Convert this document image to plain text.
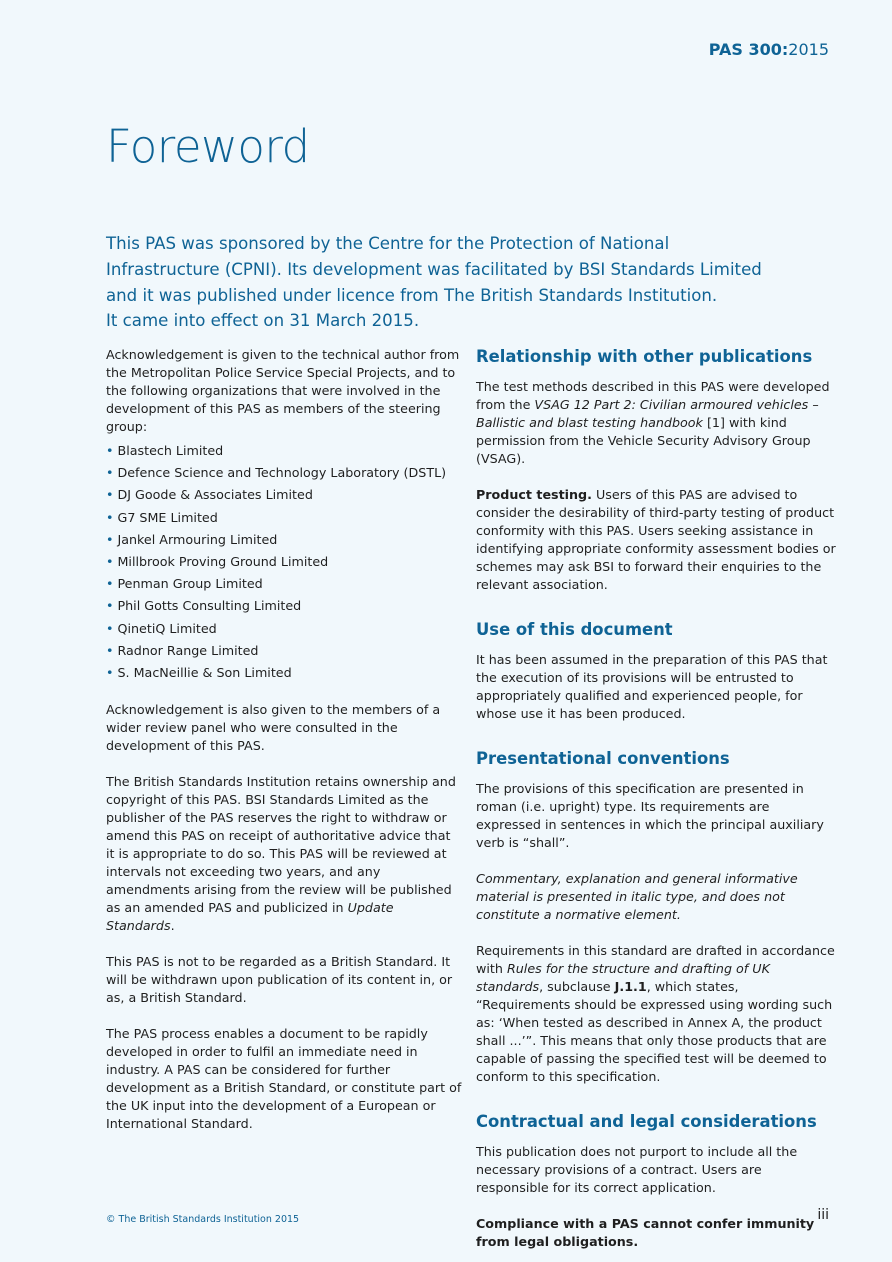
PAS 300:2015
Foreword
This PAS was sponsored by the Centre for the Protection of National
Infrastructure (CPNI). Its development was facilitated by BSI Standards Limited
and it was published under licence from The British Standards Institution.
It came into effect on 31 March 2015.

Acknowledgement is given to the technical author from the Metropolitan Police Service Special Projects, and to the following organizations that were involved in the development of this PAS as members of the steering group:

• Blastech Limited
• Defence Science and Technology Laboratory (DSTL)
• DJ Goode & Associates Limited
• G7 SME Limited
• Jankel Armouring Limited
• Millbrook Proving Ground Limited
• Penman Group Limited
• Phil Gotts Consulting Limited
• QinetiQ Limited
• Radnor Range Limited
• S. MacNeillie & Son Limited

Acknowledgement is also given to the members of a wider review panel who were consulted in the development of this PAS.

The British Standards Institution retains ownership and copyright of this PAS. BSI Standards Limited as the publisher of the PAS reserves the right to withdraw or amend this PAS on receipt of authoritative advice that it is appropriate to do so. This PAS will be reviewed at intervals not exceeding two years, and any amendments arising from the review will be published as an amended PAS and publicized in Update Standards.

This PAS is not to be regarded as a British Standard. It will be withdrawn upon publication of its content in, or as, a British Standard.

The PAS process enables a document to be rapidly developed in order to fulfil an immediate need in industry. A PAS can be considered for further development as a British Standard, or constitute part of the UK input into the development of a European or International Standard.

Relationship with other publications

The test methods described in this PAS were developed from the VSAG 12 Part 2: Civilian armoured vehicles – Ballistic and blast testing handbook [1] with kind permission from the Vehicle Security Advisory Group (VSAG).

Product testing. Users of this PAS are advised to consider the desirability of third-party testing of product conformity with this PAS. Users seeking assistance in identifying appropriate conformity assessment bodies or schemes may ask BSI to forward their enquiries to the relevant association.

Use of this document

It has been assumed in the preparation of this PAS that the execution of its provisions will be entrusted to appropriately qualified and experienced people, for whose use it has been produced.

Presentational conventions

The provisions of this specification are presented in roman (i.e. upright) type. Its requirements are expressed in sentences in which the principal auxiliary verb is “shall”.

Commentary, explanation and general informative material is presented in italic type, and does not constitute a normative element.

Requirements in this standard are drafted in accordance with Rules for the structure and drafting of UK standards, subclause J.1.1, which states, “Requirements should be expressed using wording such as: ‘When tested as described in Annex A, the product shall ...’”. This means that only those products that are capable of passing the specified test will be deemed to conform to this specification.

Contractual and legal considerations

This publication does not purport to include all the necessary provisions of a contract. Users are responsible for its correct application.

Compliance with a PAS cannot confer immunity from legal obligations.

© The British Standards Institution 2015	iii
